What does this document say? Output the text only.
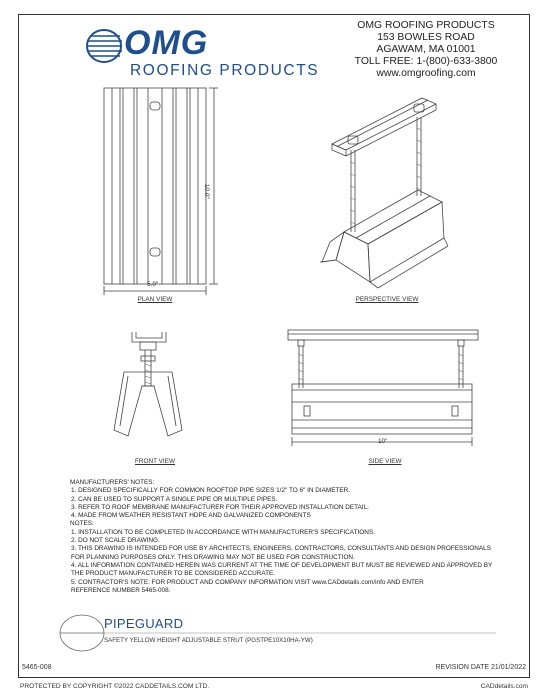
OMG
ROOFING PRODUCTS
OMG ROOFING PRODUCTS
153 BOWLES ROAD
AGAWAM, MA 01001
TOLL FREE: 1-(800)-633-3800
www.omgroofing.com
5.0"
10.0"
PLAN VIEW	PERSPECTIVE VIEW
FRONT VIEW
10"
SIDE VIEW
MANUFACTURERS' NOTES:
1. DESIGNED SPECIFICALLY FOR COMMON ROOFTOP PIPE SIZES 1/2" TO 6" IN DIAMETER.
2. CAN BE USED TO SUPPORT A SINGLE PIPE OR MULTIPLE PIPES.
3. REFER TO ROOF MEMBRANE MANUFACTURER FOR THEIR APPROVED INSTALLATION DETAIL.
4. MADE FROM WEATHER RESISTANT HDPE AND GALVANIZED COMPONENTS
NOTES:
1. INSTALLATION TO BE COMPLETED IN ACCORDANCE WITH MANUFACTURER'S SPECIFICATIONS.
2. DO NOT SCALE DRAWING.
3. THIS DRAWING IS INTENDED FOR USE BY ARCHITECTS, ENGINEERS, CONTRACTORS, CONSULTANTS AND DESIGN PROFESSIONALS
FOR PLANNING PURPOSES ONLY. THIS DRAWING MAY NOT BE USED FOR CONSTRUCTION.
4. ALL INFORMATION CONTAINED HEREIN WAS CURRENT AT THE TIME OF DEVELOPMENT BUT MUST BE REVIEWED AND APPROVED BY
THE PRODUCT MANUFACTURER TO BE CONSIDERED ACCURATE.
5. CONTRACTOR'S NOTE: FOR PRODUCT AND COMPANY INFORMATION VISIT www.CADdetails.com/info AND ENTER
REFERENCE NUMBER 5465-008.
PIPEGUARD
SAFETY YELLOW HEIGHT ADJUSTABLE STRUT (PGSTPE10X10HA-YW)
5465-008	REVISION DATE 21/01/2022
PROTECTED BY COPYRIGHT ©2022 CADDETAILS.COM LTD.	CADdetails.com
